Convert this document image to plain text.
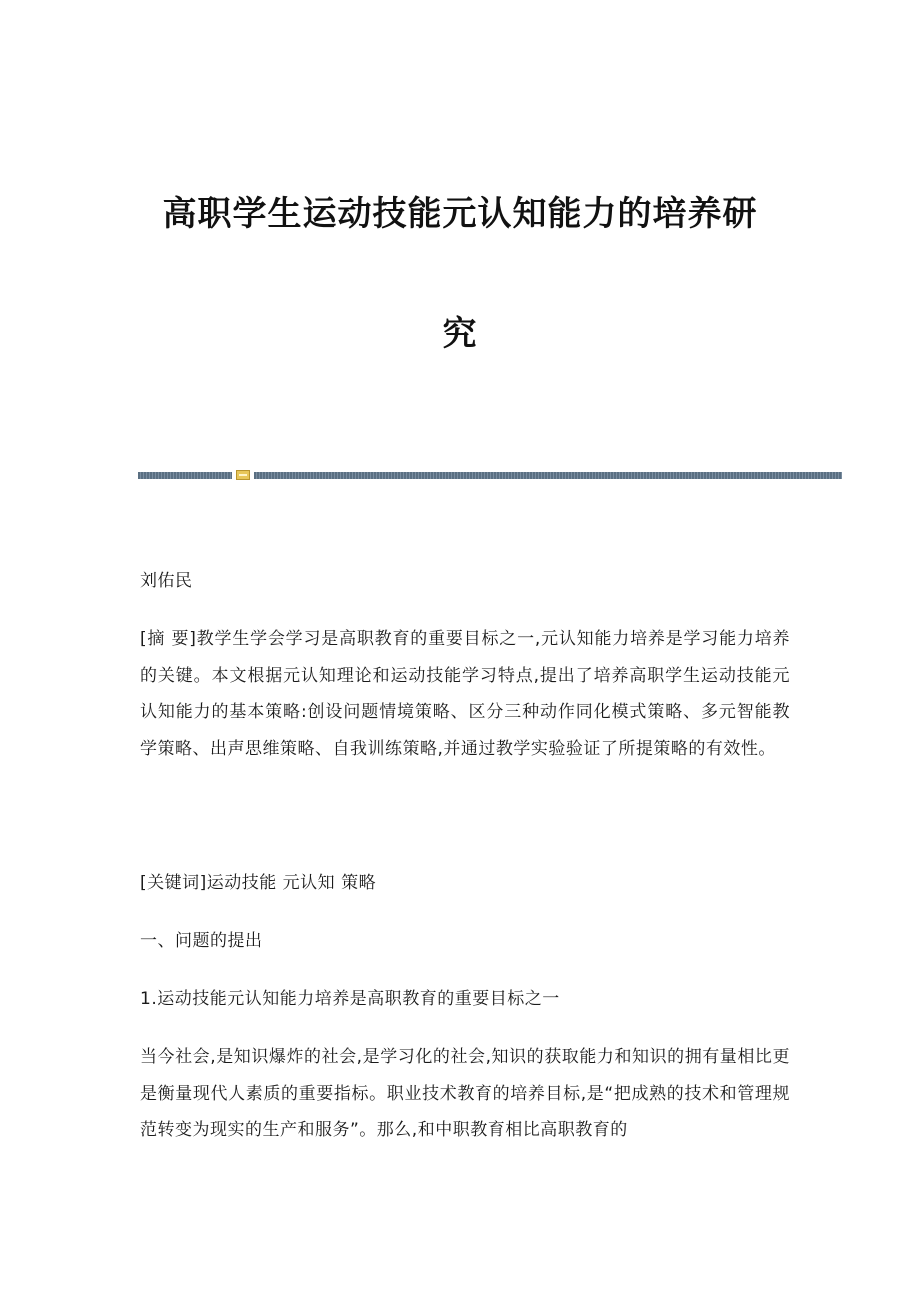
高职学生运动技能元认知能力的培养研
究

刘佑民

[摘 要]教学生学会学习是高职教育的重要目标之一,元认知能力培养是学习能力培养的关键。本文根据元认知理论和运动技能学习特点,提出了培养高职学生运动技能元认知能力的基本策略:创设问题情境策略、区分三种动作同化模式策略、多元智能教学策略、出声思维策略、自我训练策略,并通过教学实验验证了所提策略的有效性。

[关键词]运动技能 元认知 策略

一、问题的提出

1.运动技能元认知能力培养是高职教育的重要目标之一

当今社会,是知识爆炸的社会,是学习化的社会,知识的获取能力和知识的拥有量相比更是衡量现代人素质的重要指标。职业技术教育的培养目标,是“把成熟的技术和管理规范转变为现实的生产和服务”。那么,和中职教育相比高职教育的
